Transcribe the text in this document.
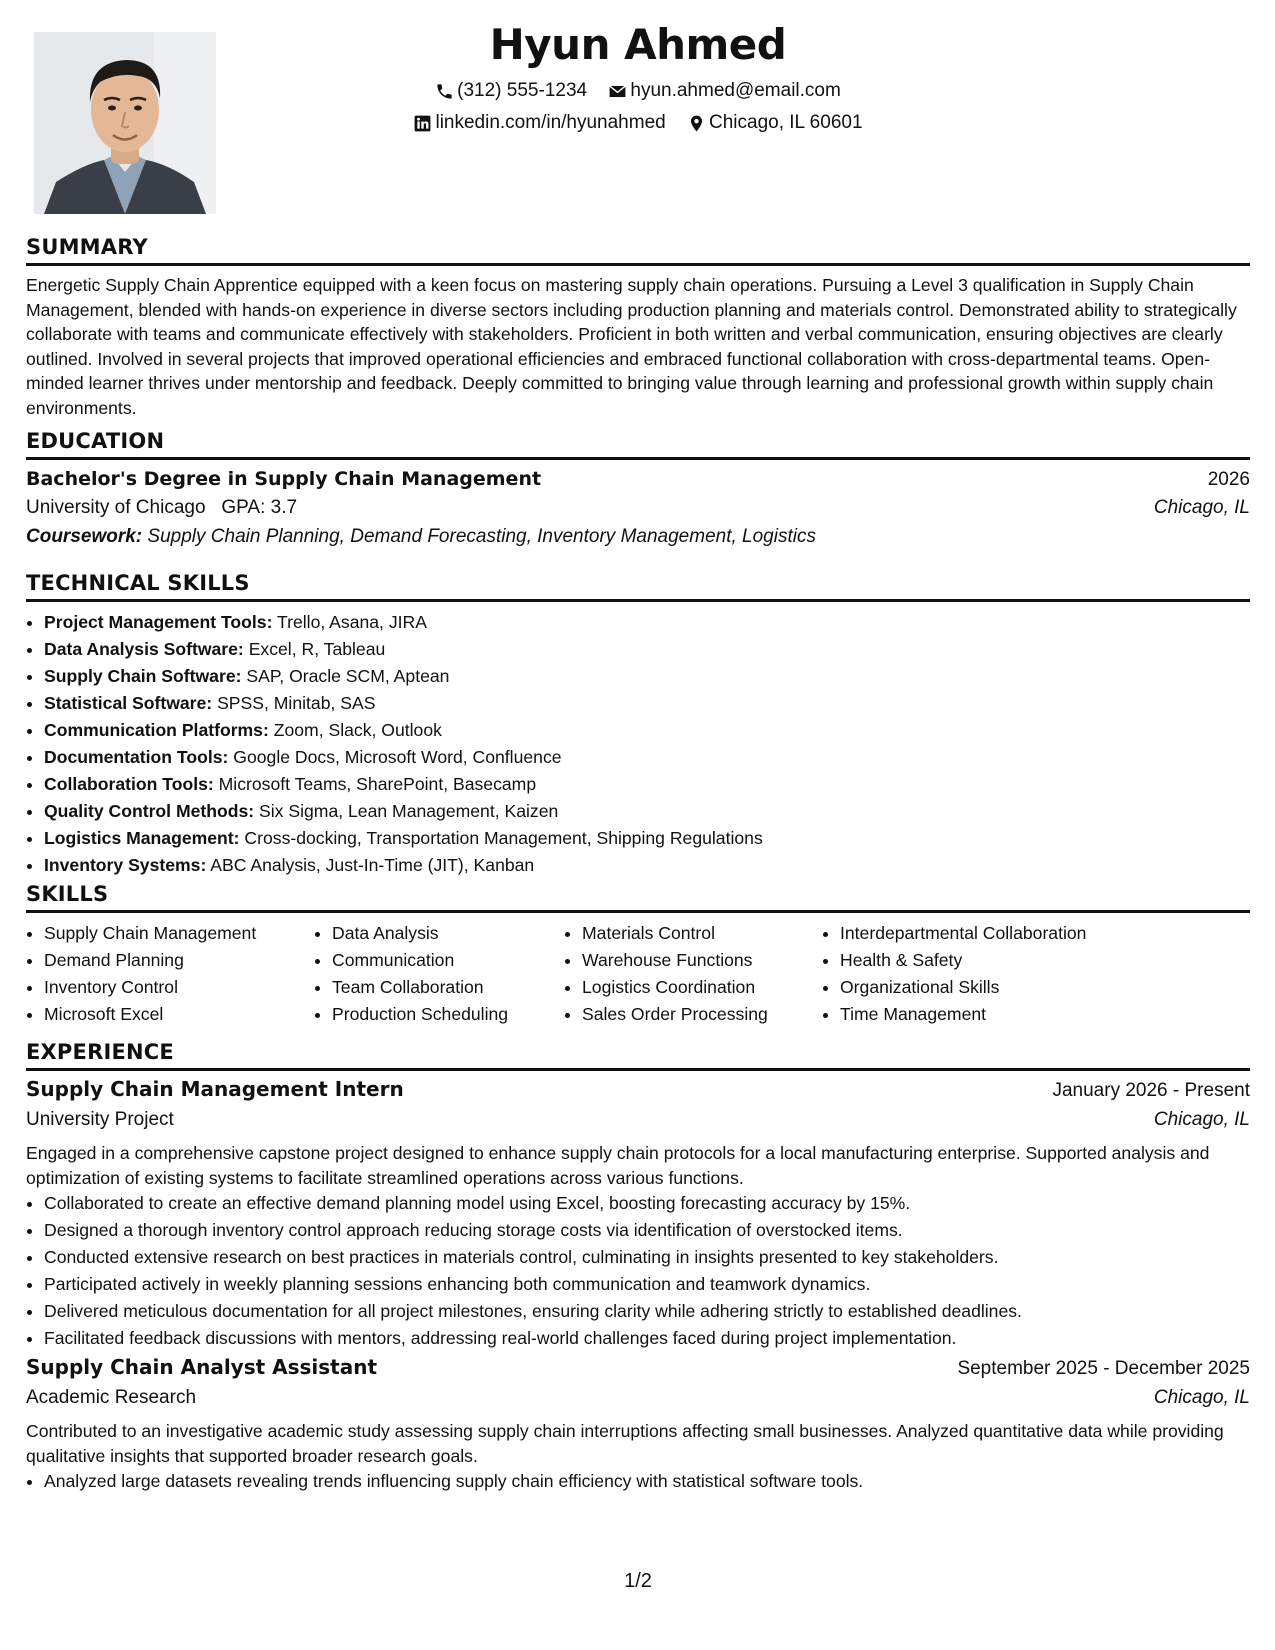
Hyun Ahmed
(312) 555-1234
hyun.ahmed@email.com
linkedin.com/in/hyunahmed
Chicago, IL 60601
SUMMARY

Energetic Supply Chain Apprentice equipped with a keen focus on mastering supply chain operations. Pursuing a Level 3 qualification in Supply Chain Management, blended with hands-on experience in diverse sectors including production planning and materials control. Demonstrated ability to strategically collaborate with teams and communicate effectively with stakeholders. Proficient in both written and verbal communication, ensuring objectives are clearly outlined. Involved in several projects that improved operational efficiencies and embraced functional collaboration with cross-departmental teams. Open-minded learner thrives under mentorship and feedback. Deeply committed to bringing value through learning and professional growth within supply chain environments.

EDUCATION
Bachelor's Degree in Supply Chain Management	2026
University of Chicago GPA: 3.7	Chicago, IL
Coursework: Supply Chain Planning, Demand Forecasting, Inventory Management, Logistics
TECHNICAL SKILLS
• Project Management Tools: Trello, Asana, JIRA
• Data Analysis Software: Excel, R, Tableau
• Supply Chain Software: SAP, Oracle SCM, Aptean
• Statistical Software: SPSS, Minitab, SAS
• Communication Platforms: Zoom, Slack, Outlook
• Documentation Tools: Google Docs, Microsoft Word, Confluence
• Collaboration Tools: Microsoft Teams, SharePoint, Basecamp
• Quality Control Methods: Six Sigma, Lean Management, Kaizen
• Logistics Management: Cross-docking, Transportation Management, Shipping Regulations
• Inventory Systems: ABC Analysis, Just-In-Time (JIT), Kanban
SKILLS
• Supply Chain Management
• Demand Planning
• Inventory Control
• Microsoft Excel
• Data Analysis
• Communication
• Team Collaboration
• Production Scheduling
• Materials Control
• Warehouse Functions
• Logistics Coordination
• Sales Order Processing
• Interdepartmental Collaboration
• Health & Safety
• Organizational Skills
• Time Management
EXPERIENCE
Supply Chain Management Intern	January 2026 - Present
University Project	Chicago, IL

Engaged in a comprehensive capstone project designed to enhance supply chain protocols for a local manufacturing enterprise. Supported analysis and optimization of existing systems to facilitate streamlined operations across various functions.

• Collaborated to create an effective demand planning model using Excel, boosting forecasting accuracy by 15%.
• Designed a thorough inventory control approach reducing storage costs via identification of overstocked items.
• Conducted extensive research on best practices in materials control, culminating in insights presented to key stakeholders.
• Participated actively in weekly planning sessions enhancing both communication and teamwork dynamics.
• Delivered meticulous documentation for all project milestones, ensuring clarity while adhering strictly to established deadlines.
• Facilitated feedback discussions with mentors, addressing real-world challenges faced during project implementation.
Supply Chain Analyst Assistant	September 2025 - December 2025
Academic Research	Chicago, IL

Contributed to an investigative academic study assessing supply chain interruptions affecting small businesses. Analyzed quantitative data while providing qualitative insights that supported broader research goals.

• Analyzed large datasets revealing trends influencing supply chain efficiency with statistical software tools.
1/2
